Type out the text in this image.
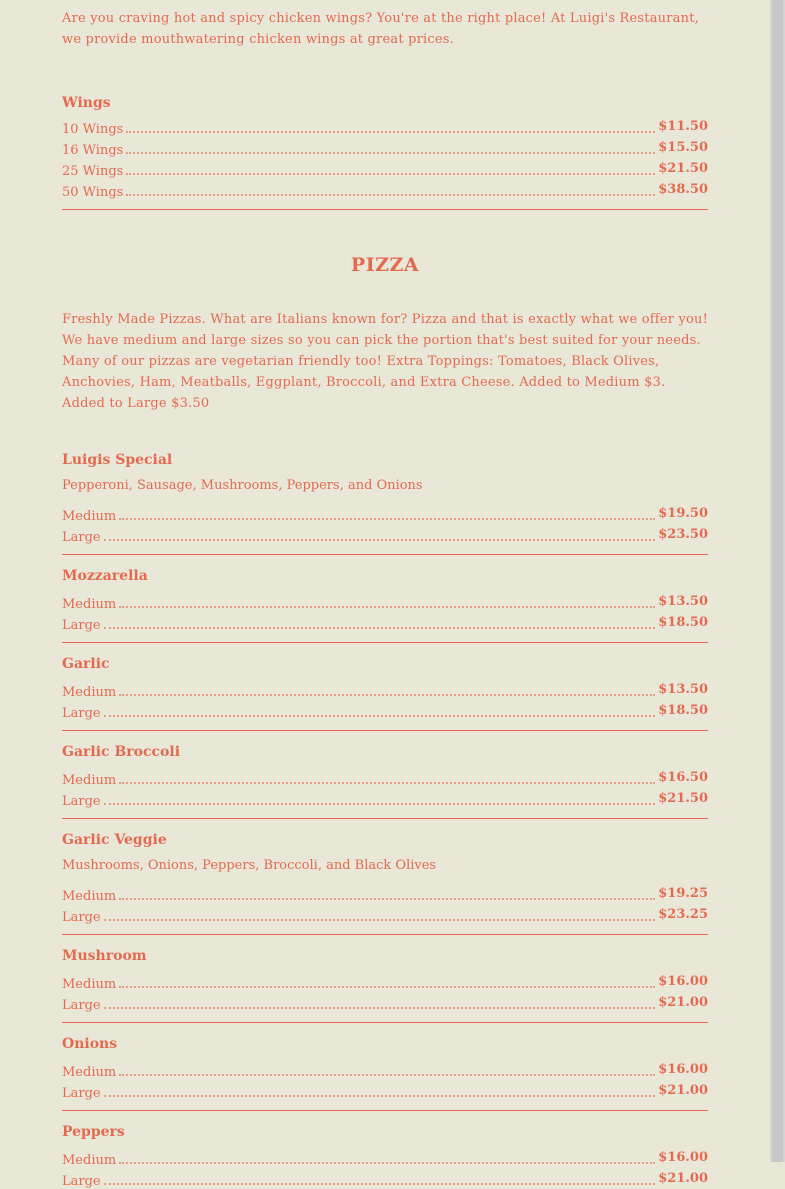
Are you craving hot and spicy chicken wings? You're at the right place! At Luigi's Restaurant, we provide mouthwatering chicken wings at great prices.

Wings
10 Wings	$11.50
16 Wings	$15.50
25 Wings	$21.50
50 Wings	$38.50
PIZZA

Freshly Made Pizzas. What are Italians known for? Pizza and that is exactly what we offer you! We have medium and large sizes so you can pick the portion that's best suited for your needs. Many of our pizzas are vegetarian friendly too! Extra Toppings: Tomatoes, Black Olives, Anchovies, Ham, Meatballs, Eggplant, Broccoli, and Extra Cheese. Added to Medium $3. Added to Large $3.50

Luigis Special

Pepperoni, Sausage, Mushrooms, Peppers, and Onions

Medium	$19.50
Large	$23.50
Mozzarella
Medium	$13.50
Large	$18.50
Garlic
Medium	$13.50
Large	$18.50
Garlic Broccoli
Medium	$16.50
Large	$21.50
Garlic Veggie

Mushrooms, Onions, Peppers, Broccoli, and Black Olives

Medium	$19.25
Large	$23.25
Mushroom
Medium	$16.00
Large	$21.00
Onions
Medium	$16.00
Large	$21.00
Peppers
Medium	$16.00
Large	$21.00
